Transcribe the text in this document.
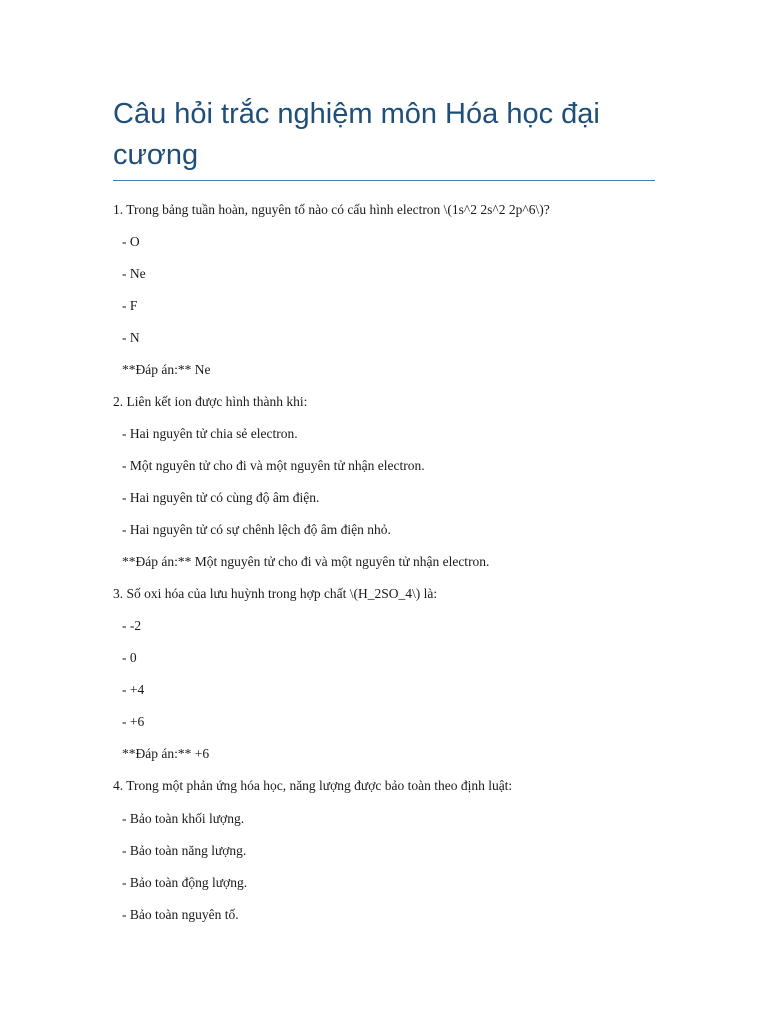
Câu hỏi trắc nghiệm môn Hóa học đại cương

1. Trong bảng tuần hoàn, nguyên tố nào có cấu hình electron \(1s^2 2s^2 2p^6\)?

- O

- Ne

- F

- N

**Đáp án:** Ne

2. Liên kết ion được hình thành khi:

- Hai nguyên tử chia sẻ electron.

- Một nguyên tử cho đi và một nguyên tử nhận electron.

- Hai nguyên tử có cùng độ âm điện.

- Hai nguyên tử có sự chênh lệch độ âm điện nhỏ.

**Đáp án:** Một nguyên tử cho đi và một nguyên tử nhận electron.

3. Số oxi hóa của lưu huỳnh trong hợp chất \(H_2SO_4\) là:

- -2

- 0

- +4

- +6

**Đáp án:** +6

4. Trong một phản ứng hóa học, năng lượng được bảo toàn theo định luật:

- Bảo toàn khối lượng.

- Bảo toàn năng lượng.

- Bảo toàn động lượng.

- Bảo toàn nguyên tố.
